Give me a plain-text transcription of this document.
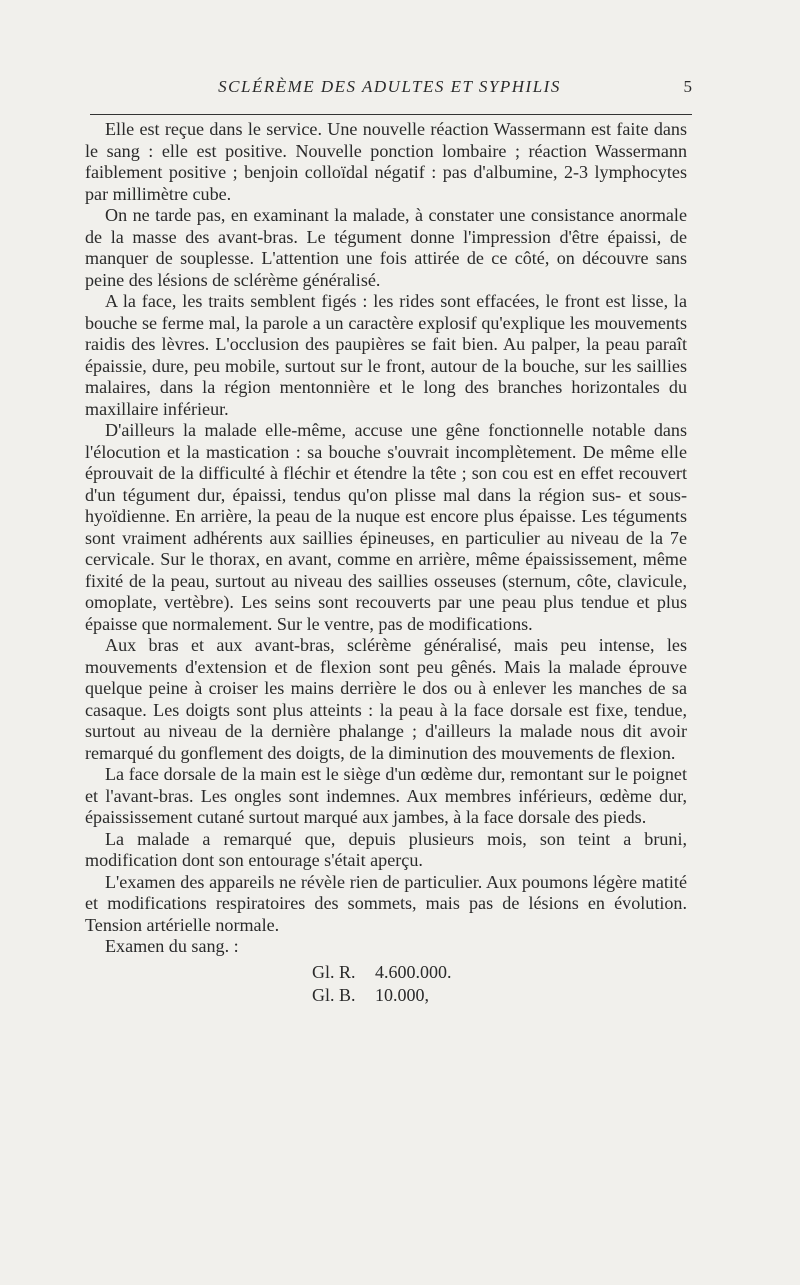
SCLÉRÈME DES ADULTES ET SYPHILIS	5

Elle est reçue dans le service. Une nouvelle réaction Wassermann est faite dans le sang : elle est positive. Nouvelle ponction lombaire ; réaction Wassermann faiblement positive ; benjoin colloïdal négatif : pas d'albumine, 2-3 lymphocytes par millimètre cube.

On ne tarde pas, en examinant la malade, à constater une consistance anormale de la masse des avant-bras. Le tégument donne l'impression d'être épaissi, de manquer de souplesse. L'attention une fois attirée de ce côté, on découvre sans peine des lésions de sclérème généralisé.

A la face, les traits semblent figés : les rides sont effacées, le front est lisse, la bouche se ferme mal, la parole a un caractère explosif qu'explique les mouvements raidis des lèvres. L'occlusion des paupières se fait bien. Au palper, la peau paraît épaissie, dure, peu mobile, surtout sur le front, autour de la bouche, sur les saillies malaires, dans la région mentonnière et le long des branches horizontales du maxillaire inférieur.

D'ailleurs la malade elle-même, accuse une gêne fonctionnelle notable dans l'élocution et la mastication : sa bouche s'ouvrait incomplètement. De même elle éprouvait de la difficulté à fléchir et étendre la tête ; son cou est en effet recouvert d'un tégument dur, épaissi, tendus qu'on plisse mal dans la région sus- et sous-hyoïdienne. En arrière, la peau de la nuque est encore plus épaisse. Les téguments sont vraiment adhérents aux saillies épineuses, en particulier au niveau de la 7e cervicale. Sur le thorax, en avant, comme en arrière, même épaississement, même fixité de la peau, surtout au niveau des saillies osseuses (sternum, côte, clavicule, omoplate, vertèbre). Les seins sont recouverts par une peau plus tendue et plus épaisse que normalement. Sur le ventre, pas de modifications.

Aux bras et aux avant-bras, sclérème généralisé, mais peu intense, les mouvements d'extension et de flexion sont peu gênés. Mais la malade éprouve quelque peine à croiser les mains derrière le dos ou à enlever les manches de sa casaque. Les doigts sont plus atteints : la peau à la face dorsale est fixe, tendue, surtout au niveau de la dernière phalange ; d'ailleurs la malade nous dit avoir remarqué du gonflement des doigts, de la diminution des mouvements de flexion.

La face dorsale de la main est le siège d'un œdème dur, remontant sur le poignet et l'avant-bras. Les ongles sont indemnes. Aux membres inférieurs, œdème dur, épaississement cutané surtout marqué aux jambes, à la face dorsale des pieds.

La malade a remarqué que, depuis plusieurs mois, son teint a bruni, modification dont son entourage s'était aperçu.

L'examen des appareils ne révèle rien de particulier. Aux poumons légère matité et modifications respiratoires des sommets, mais pas de lésions en évolution. Tension artérielle normale.

Examen du sang. :

Gl. R.	4.600.000.
Gl. B.	10.000,
